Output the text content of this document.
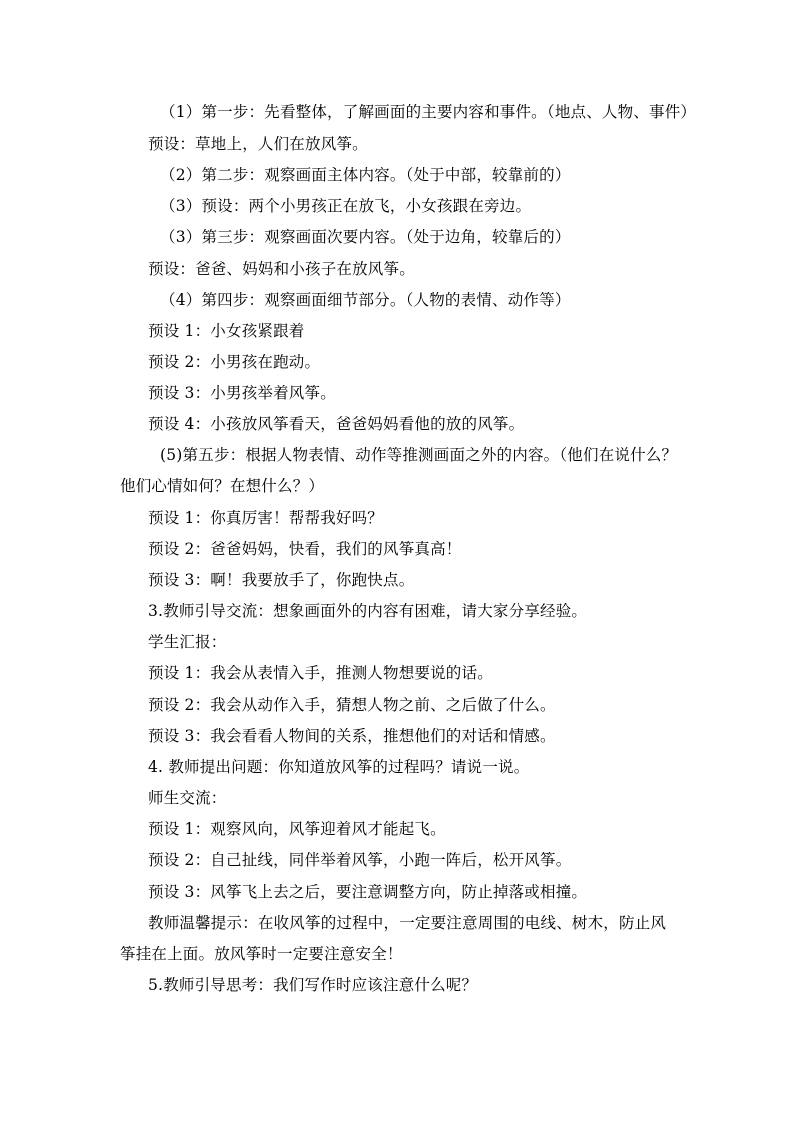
（1）第一步：先看整体，了解画面的主要内容和事件。（地点、人物、事件）
预设：草地上，人们在放风筝。
（2）第二步：观察画面主体内容。（处于中部，较靠前的）
（3）预设：两个小男孩正在放飞，小女孩跟在旁边。
（3）第三步：观察画面次要内容。（处于边角，较靠后的）
预设：爸爸、妈妈和小孩子在放风筝。
（4）第四步：观察画面细节部分。（人物的表情、动作等）
预设 1：小女孩紧跟着
预设 2：小男孩在跑动。
预设 3：小男孩举着风筝。
预设 4：小孩放风筝看天，爸爸妈妈看他的放的风筝。
(5)第五步：根据人物表情、动作等推测画面之外的内容。（他们在说什么？
他们心情如何？在想什么？）
预设 1：你真厉害！帮帮我好吗？
预设 2：爸爸妈妈，快看，我们的风筝真高！
预设 3：啊！我要放手了，你跑快点。
3.教师引导交流：想象画面外的内容有困难，请大家分享经验。
学生汇报：
预设 1：我会从表情入手，推测人物想要说的话。
预设 2：我会从动作入手，猜想人物之前、之后做了什么。
预设 3：我会看看人物间的关系，推想他们的对话和情感。
4. 教师提出问题：你知道放风筝的过程吗？请说一说。
师生交流：
预设 1：观察风向，风筝迎着风才能起飞。
预设 2：自己扯线，同伴举着风筝，小跑一阵后，松开风筝。
预设 3：风筝飞上去之后，要注意调整方向，防止掉落或相撞。
教师温馨提示：在收风筝的过程中，一定要注意周围的电线、树木，防止风
筝挂在上面。放风筝时一定要注意安全！
5.教师引导思考：我们写作时应该注意什么呢？
